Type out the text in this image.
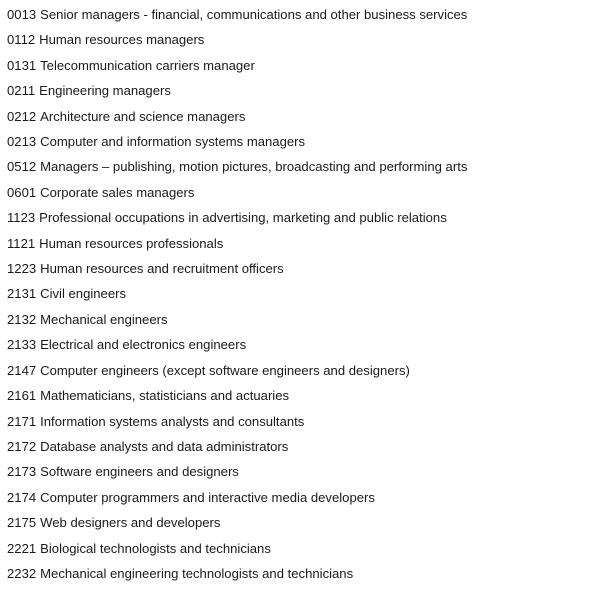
0013 Senior managers - financial, communications and other business services
0112 Human resources managers
0131 Telecommunication carriers manager
0211 Engineering managers
0212 Architecture and science managers
0213 Computer and information systems managers
0512 Managers – publishing, motion pictures, broadcasting and performing arts
0601 Corporate sales managers
1123 Professional occupations in advertising, marketing and public relations
1121 Human resources professionals
1223 Human resources and recruitment officers
2131 Civil engineers
2132 Mechanical engineers
2133 Electrical and electronics engineers
2147 Computer engineers (except software engineers and designers)
2161 Mathematicians, statisticians and actuaries
2171 Information systems analysts and consultants
2172 Database analysts and data administrators
2173 Software engineers and designers
2174 Computer programmers and interactive media developers
2175 Web designers and developers
2221 Biological technologists and technicians
2232 Mechanical engineering technologists and technicians
